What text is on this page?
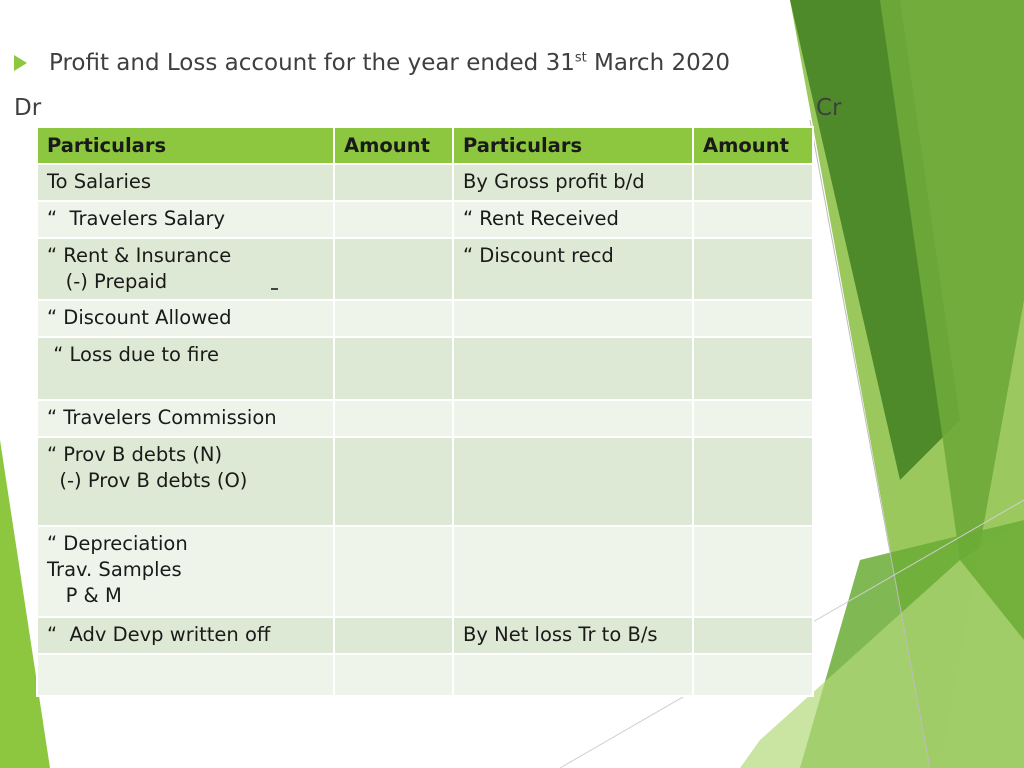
Profit and Loss account for the year ended 31st March 2020
Dr	Cr
Particulars	Amount	Particulars	Amount

To Salaries		By Gross profit b/d	

“  Travelers Salary		“ Rent Received	

“ Rent & Insurance
(-) Prepaid		“ Discount recd	

“ Discount Allowed			

“ Loss due to fire			

“ Travelers Commission			

“ Prov B debts (N)
(-) Prov B debts (O)			

“ Depreciation
Trav. Samples
P & M			

“  Adv Devp written off		By Net loss Tr to B/s	
